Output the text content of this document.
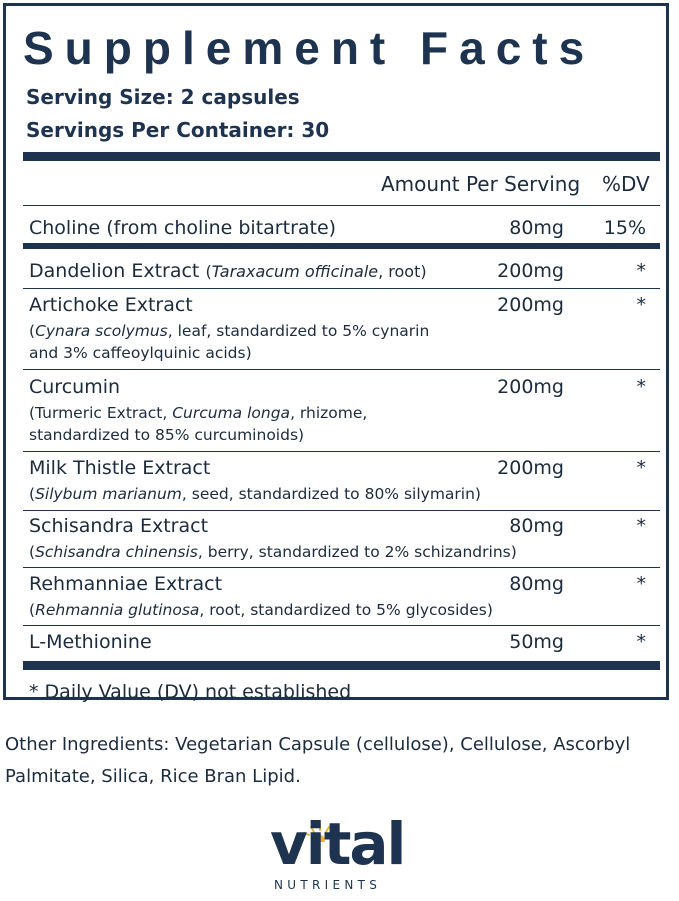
Supplement Facts
Serving Size: 2 capsules
Servings Per Container: 30
Amount Per Serving %DV
Choline (from choline bitartrate)	80mg 15%
Dandelion Extract (Taraxacum officinale, root)	200mg	*
Artichoke Extract
(Cynara scolymus, leaf, standardized to 5% cynarin
and 3% caffeoylquinic acids)
200mg	*
Curcumin
(Turmeric Extract, Curcuma longa, rhizome,
standardized to 85% curcuminoids)
200mg	*
Milk Thistle Extract
(Silybum marianum, seed, standardized to 80% silymarin)
200mg	*
Schisandra Extract
(Schisandra chinensis, berry, standardized to 2% schizandrins)
80mg	*
Rehmanniae Extract
(Rehmannia glutinosa, root, standardized to 5% glycosides)
80mg	*
L-Methionine	50mg	*
* Daily Value (DV) not established
Other Ingredients: Vegetarian Capsule (cellulose), Cellulose, Ascorbyl Palmitate, Silica, Rice Bran Lipid.
vital
NUTRIENTS
